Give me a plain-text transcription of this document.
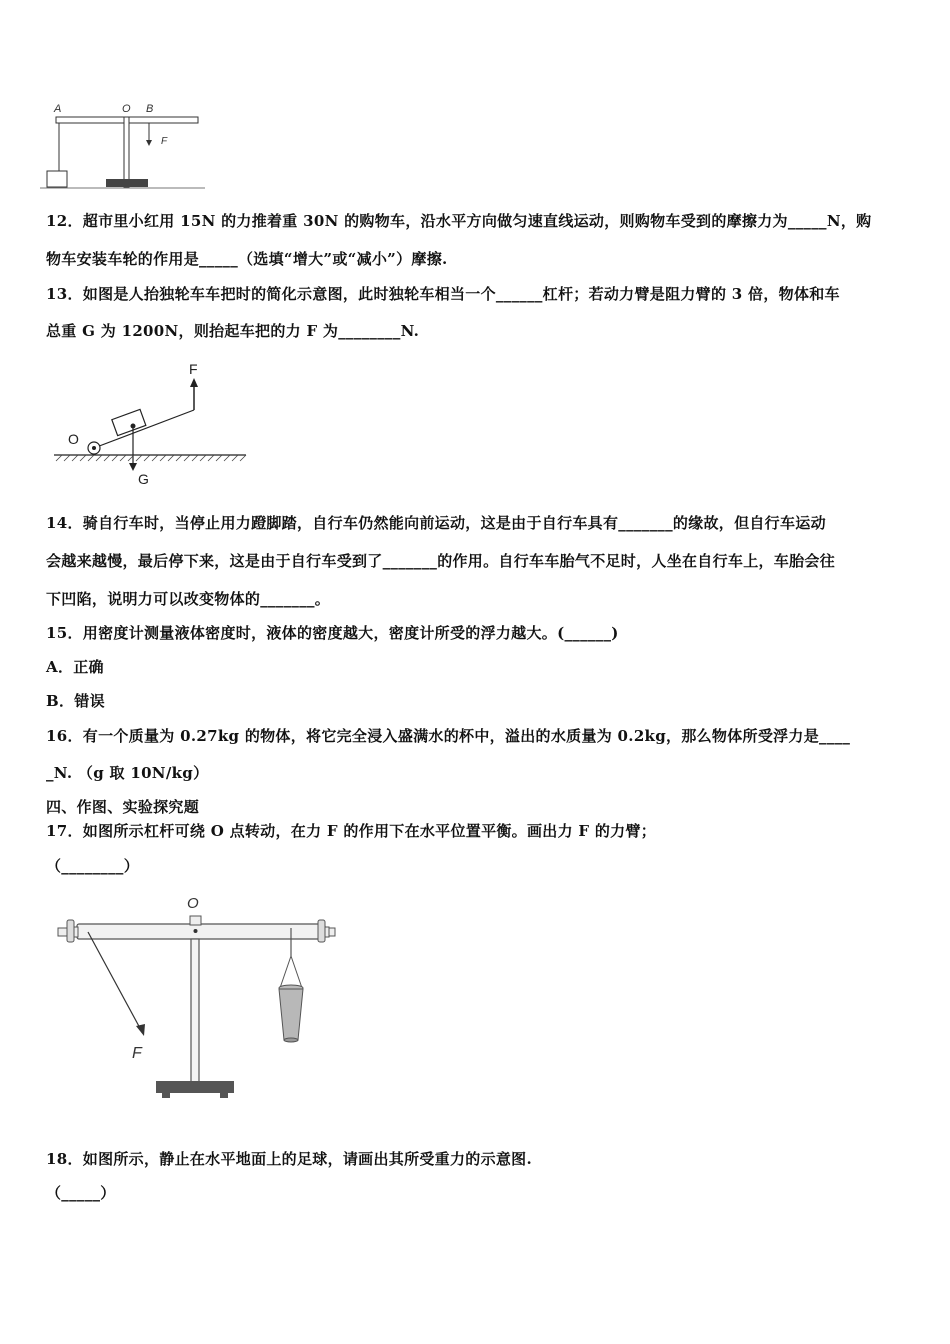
A	O B
F
12．超市里小红用 15N 的力推着重 30N 的购物车，沿水平方向做匀速直线运动，则购物车受到的摩擦力为_____N，购
物车安装车轮的作用是_____（选填“增大”或“减小”）摩擦.
13．如图是人抬独轮车车把时的简化示意图，此时独轮车相当一个______杠杆；若动力臂是阻力臂的 3 倍，物体和车
总重 G 为 1200N，则抬起车把的力 F 为________N.
F
O
G
14．骑自行车时，当停止用力蹬脚踏，自行车仍然能向前运动，这是由于自行车具有_______的缘故，但自行车运动
会越来越慢，最后停下来，这是由于自行车受到了_______的作用。自行车车胎气不足时，人坐在自行车上，车胎会往
下凹陷，说明力可以改变物体的_______。
15．用密度计测量液体密度时，液体的密度越大，密度计所受的浮力越大。(______)
A．正确
B．错误
16．有一个质量为 0.27kg 的物体，将它完全浸入盛满水的杯中，溢出的水质量为 0.2kg，那么物体所受浮力是____
_N. （g 取 10N/kg）
四、作图、实验探究题
17．如图所示杠杆可绕 O 点转动，在力 F 的作用下在水平位置平衡。画出力 F 的力臂；
（________）
O
F
18．如图所示，静止在水平地面上的足球，请画出其所受重力的示意图.
（_____）
